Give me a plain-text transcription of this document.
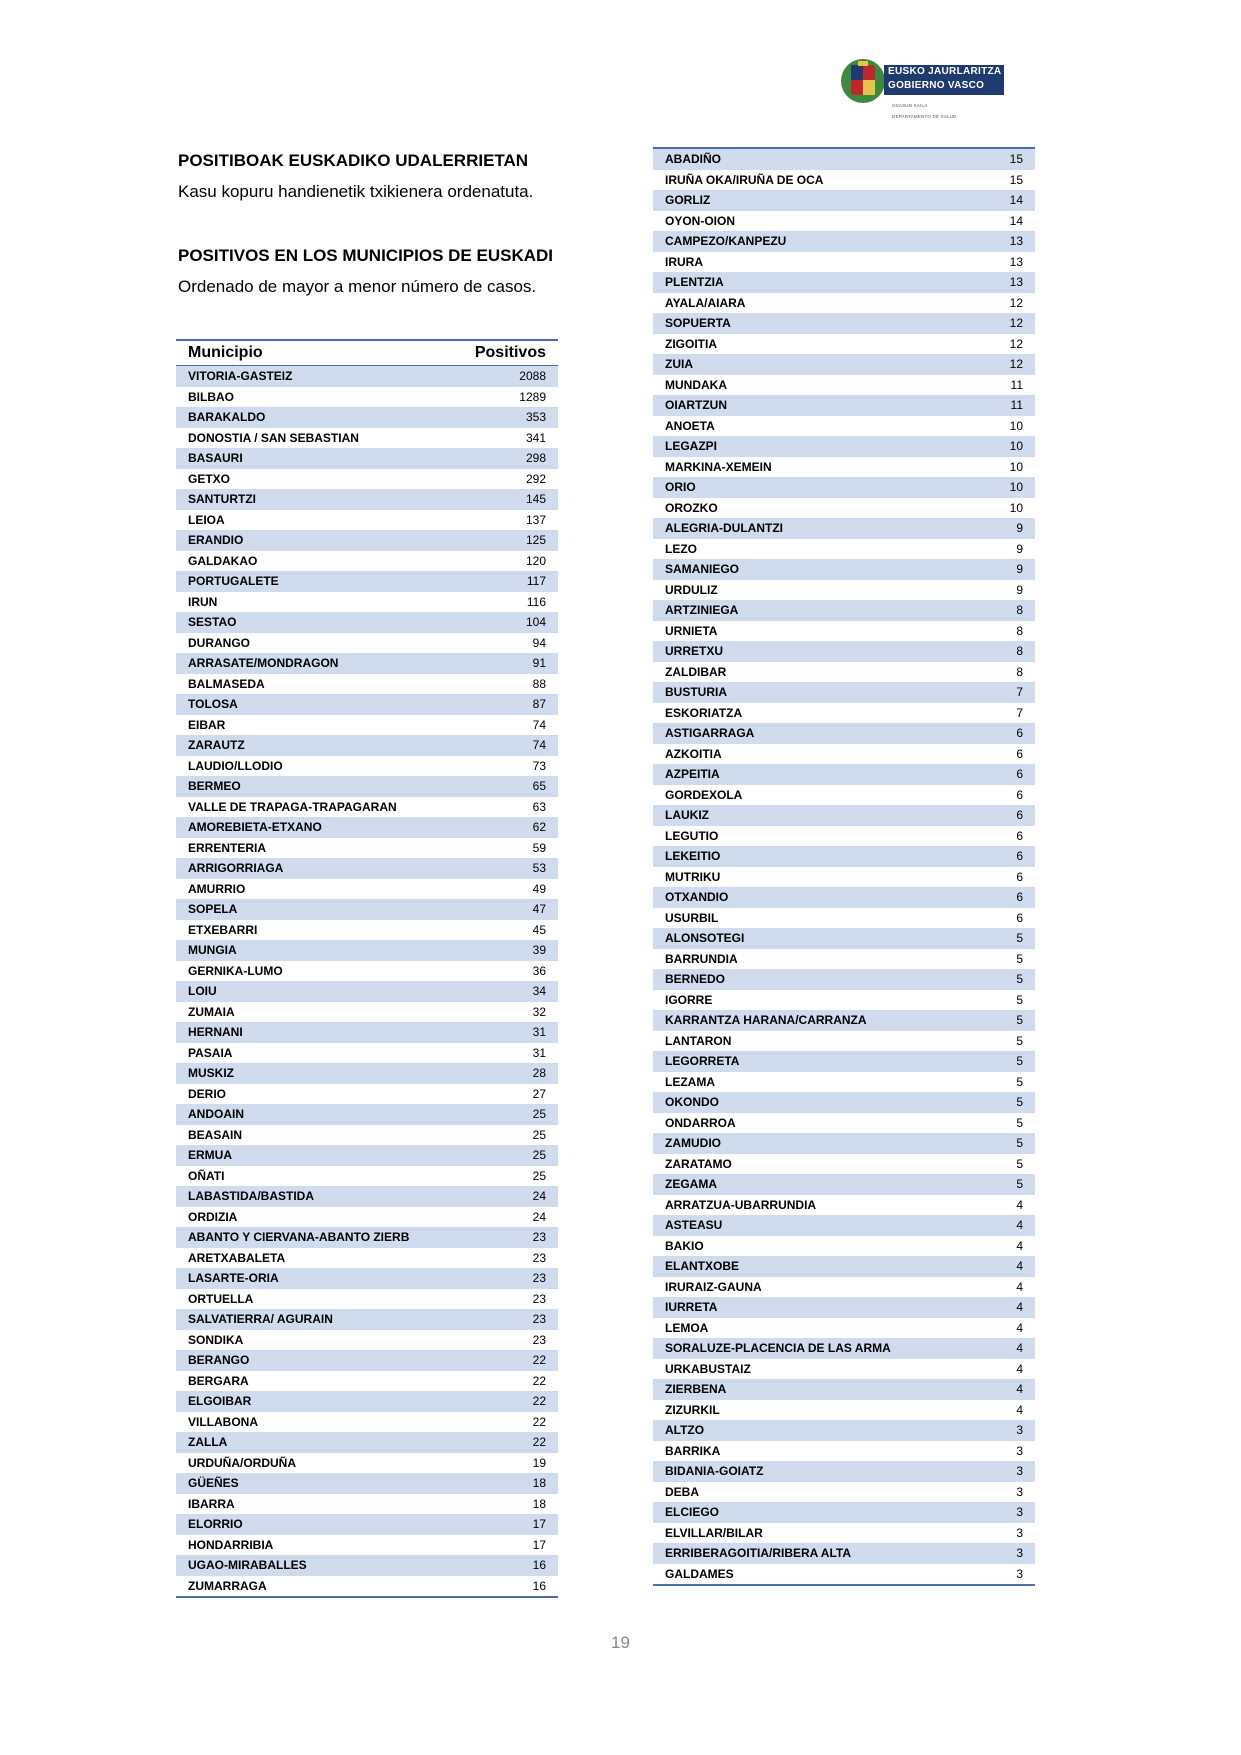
EUSKO JAURLARITZA
GOBIERNO VASCO
OSASUN SAILA
DEPARTAMENTO DE SALUD
POSITIBOAK EUSKADIKO UDALERRIETAN
Kasu kopuru handienetik txikienera ordenatuta.
POSITIVOS EN LOS MUNICIPIOS DE EUSKADI
Ordenado de mayor a menor número de casos.
Municipio	Positivos
VITORIA-GASTEIZ	2088
BILBAO	1289
BARAKALDO	353
DONOSTIA / SAN SEBASTIAN	341
BASAURI	298
GETXO	292
SANTURTZI	145
LEIOA	137
ERANDIO	125
GALDAKAO	120
PORTUGALETE	117
IRUN	116
SESTAO	104
DURANGO	94
ARRASATE/MONDRAGON	91
BALMASEDA	88
TOLOSA	87
EIBAR	74
ZARAUTZ	74
LAUDIO/LLODIO	73
BERMEO	65
VALLE DE TRAPAGA-TRAPAGARAN	63
AMOREBIETA-ETXANO	62
ERRENTERIA	59
ARRIGORRIAGA	53
AMURRIO	49
SOPELA	47
ETXEBARRI	45
MUNGIA	39
GERNIKA-LUMO	36
LOIU	34
ZUMAIA	32
HERNANI	31
PASAIA	31
MUSKIZ	28
DERIO	27
ANDOAIN	25
BEASAIN	25
ERMUA	25
OÑATI	25
LABASTIDA/BASTIDA	24
ORDIZIA	24
ABANTO Y CIERVANA-ABANTO ZIERB	23
ARETXABALETA	23
LASARTE-ORIA	23
ORTUELLA	23
SALVATIERRA/ AGURAIN	23
SONDIKA	23
BERANGO	22
BERGARA	22
ELGOIBAR	22
VILLABONA	22
ZALLA	22
URDUÑA/ORDUÑA	19
GÜEÑES	18
IBARRA	18
ELORRIO	17
HONDARRIBIA	17
UGAO-MIRABALLES	16
ZUMARRAGA	16
ABADIÑO	15
IRUÑA OKA/IRUÑA DE OCA	15
GORLIZ	14
OYON-OION	14
CAMPEZO/KANPEZU	13
IRURA	13
PLENTZIA	13
AYALA/AIARA	12
SOPUERTA	12
ZIGOITIA	12
ZUIA	12
MUNDAKA	11
OIARTZUN	11
ANOETA	10
LEGAZPI	10
MARKINA-XEMEIN	10
ORIO	10
OROZKO	10
ALEGRIA-DULANTZI	9
LEZO	9
SAMANIEGO	9
URDULIZ	9
ARTZINIEGA	8
URNIETA	8
URRETXU	8
ZALDIBAR	8
BUSTURIA	7
ESKORIATZA	7
ASTIGARRAGA	6
AZKOITIA	6
AZPEITIA	6
GORDEXOLA	6
LAUKIZ	6
LEGUTIO	6
LEKEITIO	6
MUTRIKU	6
OTXANDIO	6
USURBIL	6
ALONSOTEGI	5
BARRUNDIA	5
BERNEDO	5
IGORRE	5
KARRANTZA HARANA/CARRANZA	5
LANTARON	5
LEGORRETA	5
LEZAMA	5
OKONDO	5
ONDARROA	5
ZAMUDIO	5
ZARATAMO	5
ZEGAMA	5
ARRATZUA-UBARRUNDIA	4
ASTEASU	4
BAKIO	4
ELANTXOBE	4
IRURAIZ-GAUNA	4
IURRETA	4
LEMOA	4
SORALUZE-PLACENCIA DE LAS ARMA	4
URKABUSTAIZ	4
ZIERBENA	4
ZIZURKIL	4
ALTZO	3
BARRIKA	3
BIDANIA-GOIATZ	3
DEBA	3
ELCIEGO	3
ELVILLAR/BILAR	3
ERRIBERAGOITIA/RIBERA ALTA	3
GALDAMES	3
19
